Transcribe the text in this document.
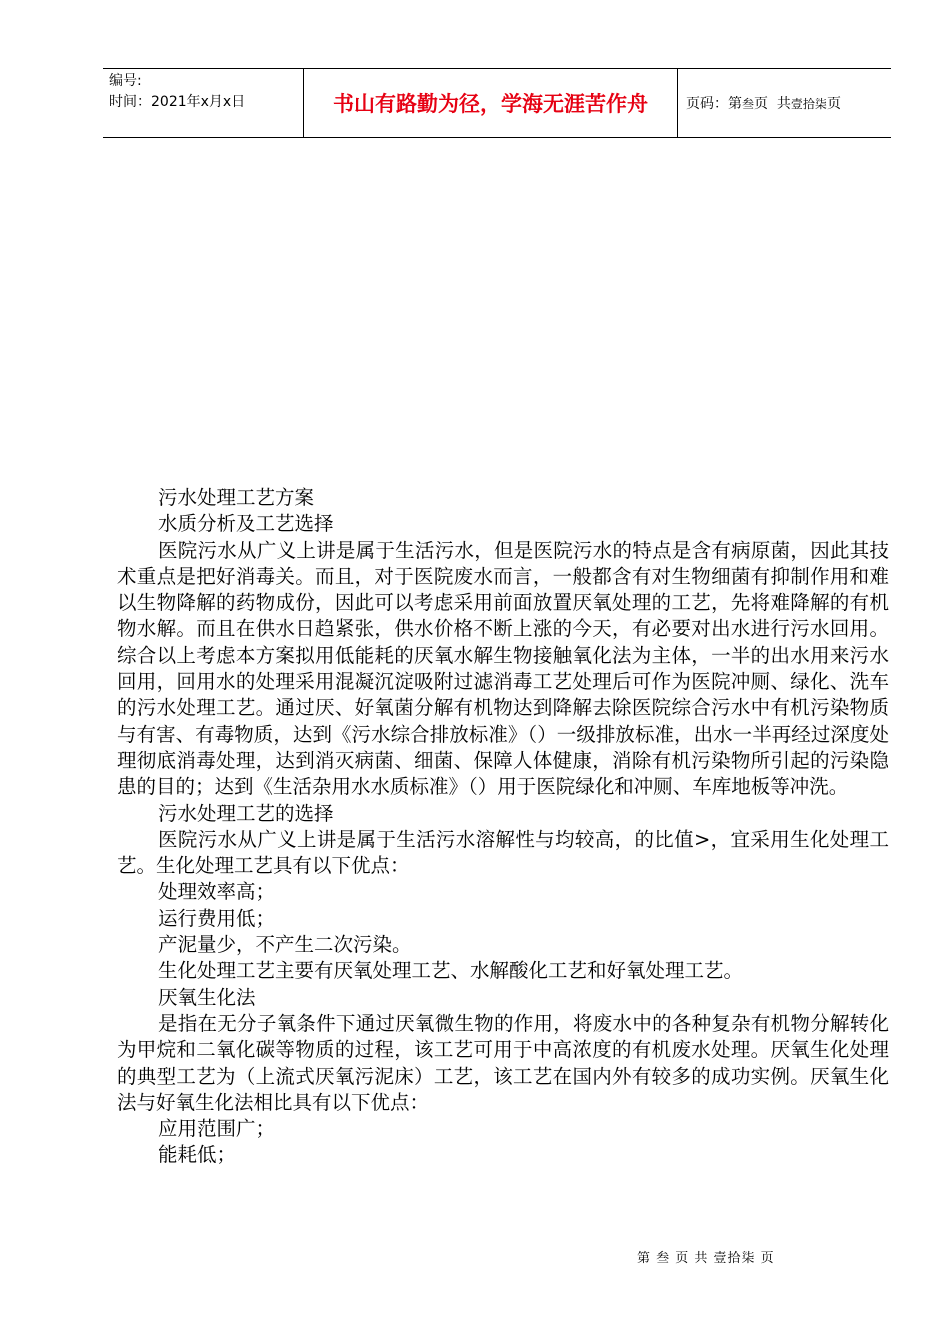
编号:
时间：2021年x月x日	书山有路勤为径，学海无涯苦作舟	页码：第 叁 页  共 壹拾柒 页

污水处理工艺方案

水质分析及工艺选择

医院污水从广义上讲是属于生活污水，但是医院污水的特点是含有病原菌，因此其技术重点是把好消毒关。而且，对于医院废水而言，一般都含有对生物细菌有抑制作用和难以生物降解的药物成份，因此可以考虑采用前面放置厌氧处理的工艺，先将难降解的有机物水解。而且在供水日趋紧张，供水价格不断上涨的今天，有必要对出水进行污水回用。综合以上考虑本方案拟用低能耗的厌氧水解生物接触氧化法为主体，一半的出水用来污水回用，回用水的处理采用混凝沉淀吸附过滤消毒工艺处理后可作为医院冲厕、绿化、洗车的污水处理工艺。通过厌、好氧菌分解有机物达到降解去除医院综合污水中有机污染物质与有害、有毒物质，达到《污水综合排放标准》（）一级排放标准，出水一半再经过深度处理彻底消毒处理，达到消灭病菌、细菌、保障人体健康，消除有机污染物所引起的污染隐患的目的；达到《生活杂用水水质标准》（）用于医院绿化和冲厕、车库地板等冲洗。

污水处理工艺的选择

医院污水从广义上讲是属于生活污水溶解性与均较高，的比值>，宜采用生化处理工艺。生化处理工艺具有以下优点：

处理效率高；

运行费用低；

产泥量少，不产生二次污染。

生化处理工艺主要有厌氧处理工艺、水解酸化工艺和好氧处理工艺。

厌氧生化法

是指在无分子氧条件下通过厌氧微生物的作用，将废水中的各种复杂有机物分解转化为甲烷和二氧化碳等物质的过程，该工艺可用于中高浓度的有机废水处理。厌氧生化处理的典型工艺为（上流式厌氧污泥床）工艺，该工艺在国内外有较多的成功实例。厌氧生化法与好氧生化法相比具有以下优点：

应用范围广；

能耗低；

第 叁 页 共 壹拾柒 页
